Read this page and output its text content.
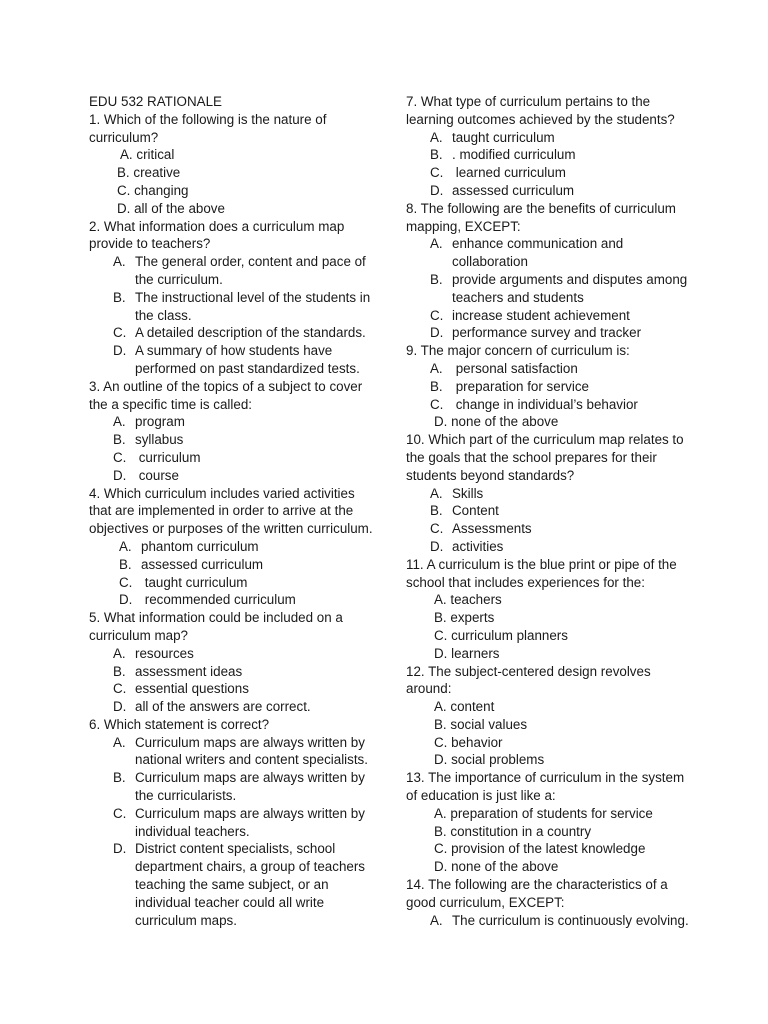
EDU 532 RATIONALE
1. Which of the following is the nature of curriculum?
A. critical
B. creative
C. changing
D. all of the above
2. What information does a curriculum map provide to teachers?
A. The general order, content and pace of the curriculum.
B. The instructional level of the students in the class.
C. A detailed description of the standards.
D. A summary of how students have performed on past standardized tests.
3. An outline of the topics of a subject to cover the a specific time is called:
A. program
B. syllabus
C. curriculum
D. course
4. Which curriculum includes varied activities that are implemented in order to arrive at the objectives or purposes of the written curriculum.
A. phantom curriculum
B. assessed curriculum
C. taught curriculum
D. recommended curriculum
5. What information could be included on a curriculum map?
A. resources
B. assessment ideas
C. essential questions
D. all of the answers are correct.
6. Which statement is correct?
A. Curriculum maps are always written by national writers and content specialists.
B. Curriculum maps are always written by the curricularists.
C. Curriculum maps are always written by individual teachers.
D. District content specialists, school department chairs, a group of teachers teaching the same subject, or an individual teacher could all write curriculum maps.
7. What type of curriculum pertains to the learning outcomes achieved by the students?
A. taught curriculum
B. . modified curriculum
C. learned curriculum
D. assessed curriculum
8. The following are the benefits of curriculum mapping, EXCEPT:
A. enhance communication and collaboration
B. provide arguments and disputes among teachers and students
C. increase student achievement
D. performance survey and tracker
9. The major concern of curriculum is:
A. personal satisfaction
B. preparation for service
C. change in individual’s behavior
D. none of the above
10. Which part of the curriculum map relates to the goals that the school prepares for their students beyond standards?
A. Skills
B. Content
C. Assessments
D. activities
11. A curriculum is the blue print or pipe of the school that includes experiences for the:
A. teachers
B. experts
C. curriculum planners
D. learners
12. The subject-centered design revolves around:
A. content
B. social values
C. behavior
D. social problems
13. The importance of curriculum in the system of education is just like a:
A. preparation of students for service
B. constitution in a country
C. provision of the latest knowledge
D. none of the above
14. The following are the characteristics of a good curriculum, EXCEPT:
A. The curriculum is continuously evolving.
